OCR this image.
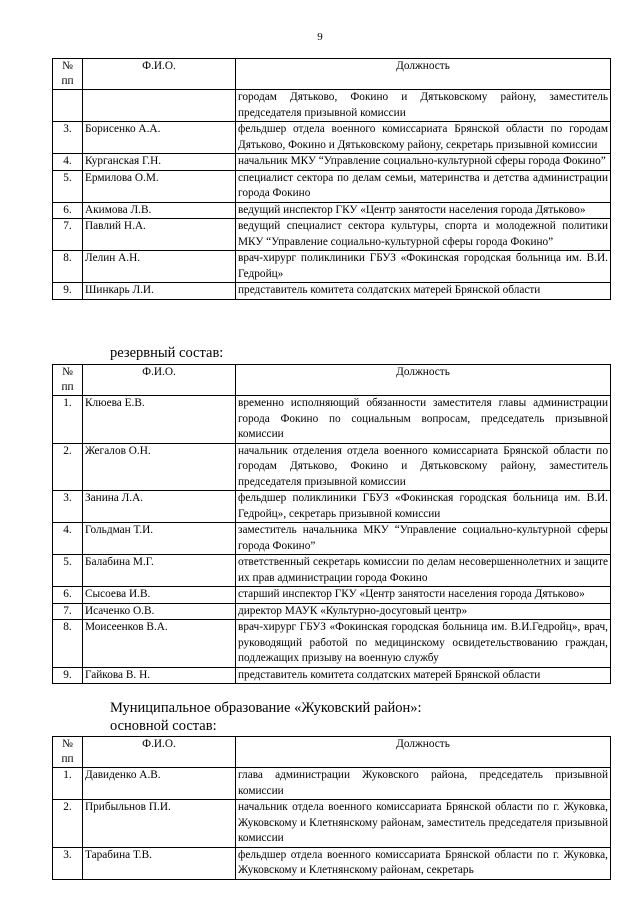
9
№ пп	Ф.И.О.	Должность
		городам Дятьково, Фокино и Дятьковскому району, заместитель председателя призывной комиссии
3.	Борисенко А.А.	фельдшер отдела военного комиссариата Брянской области по городам Дятьково, Фокино и Дятьковскому району, секретарь призывной комиссии
4.	Курганская Г.Н.	начальник МКУ “Управление социально-культурной сферы города Фокино”
5.	Ермилова О.М.	специалист сектора по делам семьи, материнства и детства администрации города Фокино
6.	Акимова Л.В.	ведущий инспектор ГКУ «Центр занятости населения города Дятьково»
7.	Павлий Н.А.	ведущий специалист сектора культуры, спорта и молодежной политики МКУ “Управление социально-культурной сферы города Фокино”
8.	Лелин А.Н.	врач-хирург поликлиники ГБУЗ «Фокинская городская больница им. В.И. Гедройц»
9.	Шинкарь Л.И.	представитель комитета солдатских матерей Брянской области
резервный состав:
№ пп	Ф.И.О.	Должность
1.	Клюева Е.В.	временно исполняющий обязанности заместителя главы администрации города Фокино по социальным вопросам, председатель призывной комиссии
2.	Жегалов О.Н.	начальник отделения отдела военного комиссариата Брянской области по городам Дятьково, Фокино и Дятьковскому району, заместитель председателя призывной комиссии
3.	Занина Л.А.	фельдшер поликлиники ГБУЗ «Фокинская городская больница им. В.И. Гедройц», секретарь призывной комиссии
4.	Гольдман Т.И.	заместитель начальника МКУ “Управление социально-культурной сферы города Фокино”
5.	Балабина М.Г.	ответственный секретарь комиссии по делам несовершеннолетних и защите их прав администрации города Фокино
6.	Сысоева И.В.	старший инспектор ГКУ «Центр занятости населения города Дятьково»
7.	Исаченко О.В.	директор МАУК «Культурно-досуговый центр»
8.	Моисеенков В.А.	врач-хирург ГБУЗ «Фокинская городская больница им. В.И.Гедройц», врач, руководящий работой по медицинскому освидетельствованию граждан, подлежащих призыву на военную службу
9.	Гайкова В. Н.	представитель комитета солдатских матерей Брянской области
Муниципальное образование «Жуковский район»:
основной состав:
№ пп	Ф.И.О.	Должность
1.	Давиденко А.В.	глава администрации Жуковского района, председатель призывной комиссии
2.	Прибыльнов П.И.	начальник отдела военного комиссариата Брянской области по г. Жуковка, Жуковскому и Клетнянскому районам, заместитель председателя призывной комиссии
3.	Тарабина Т.В.	фельдшер отдела военного комиссариата Брянской области по г. Жуковка, Жуковскому и Клетнянскому районам, секретарь
